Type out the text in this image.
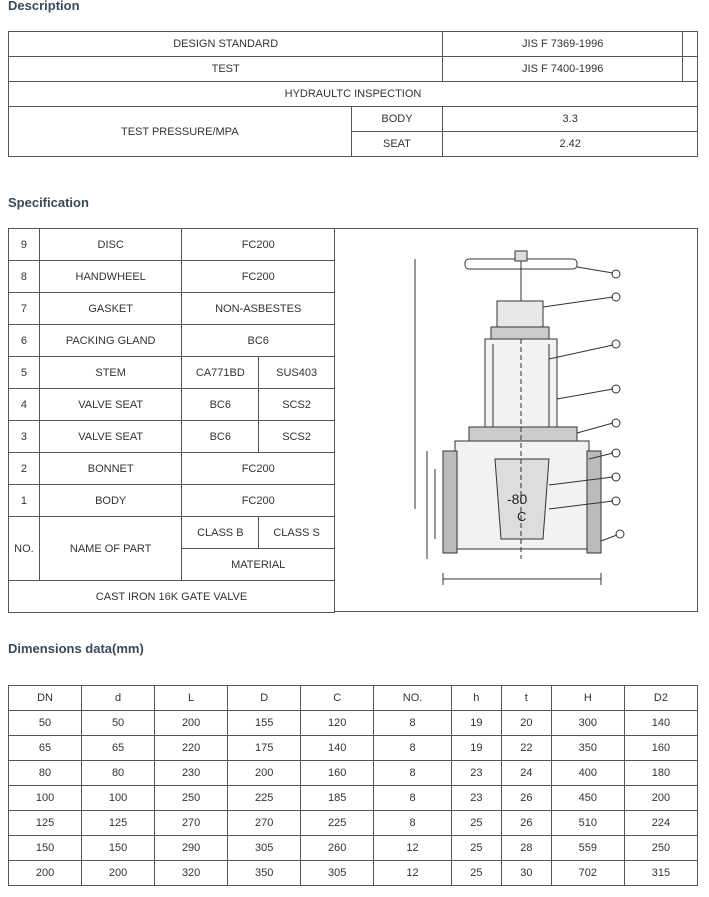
Description
DESIGN STANDARD		JIS F 7369-1996	
TEST		JIS F 7400-1996	
HYDRAULTC INSPECTION			
TEST PRESSURE/MPA	BODY	3.3	
	SEAT	2.42	
Specification
9	DISC	FC200	
8	HANDWHEEL	FC200	
7	GASKET	NON-ASBESTES	
6	PACKING GLAND	BC6	
5	STEM	CA771BD	SUS403
4	VALVE SEAT	BC6	SCS2
3	VALVE SEAT	BC6	SCS2
2	BONNET	FC200	
1	BODY	FC200	
NO.	NAME OF PART	CLASS B	CLASS S
		MATERIAL	
CAST IRON 16K GATE VALVE			
-80
C
Dimensions data(mm)
DN	d	L	D	C	NO.	h	t	H	D2
50	50	200	155	120	8	19	20	300	140
65	65	220	175	140	8	19	22	350	160
80	80	230	200	160	8	23	24	400	180
100	100	250	225	185	8	23	26	450	200
125	125	270	270	225	8	25	26	510	224
150	150	290	305	260	12	25	28	559	250
200	200	320	350	305	12	25	30	702	315
